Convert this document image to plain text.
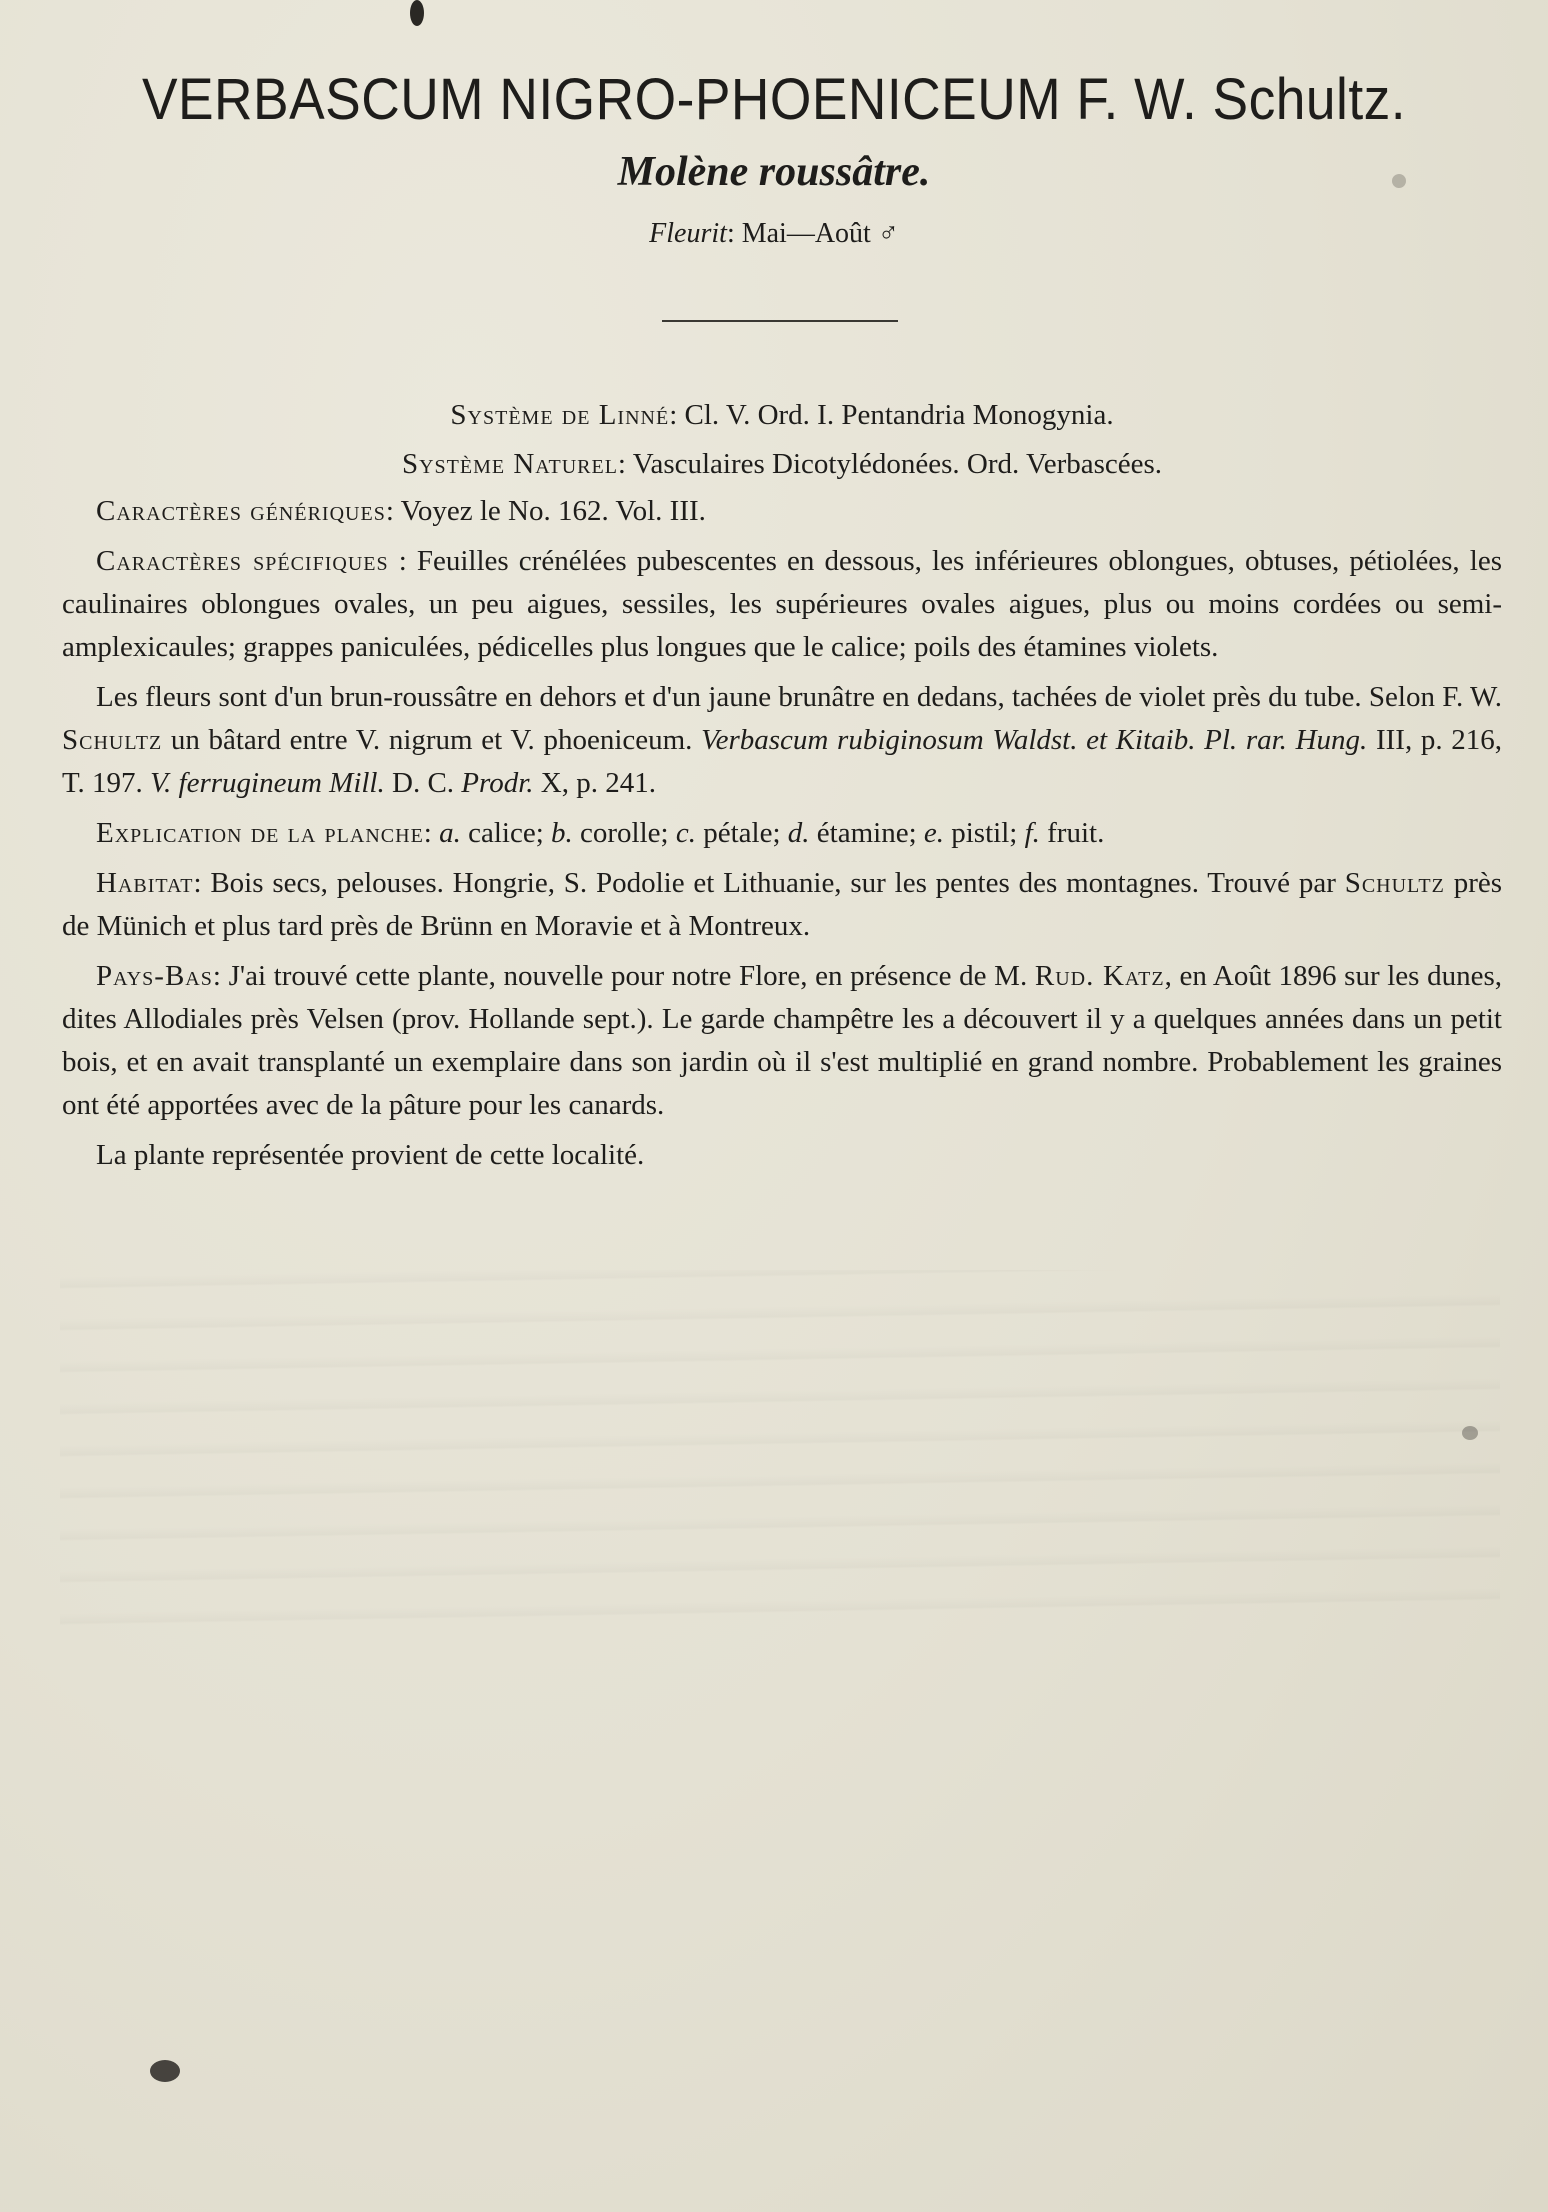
VERBASCUM NIGRO-PHOENICEUM F. W. Schultz.
Molène roussâtre.
Fleurit: Mai—Août ♂

Système de Linné: Cl. V. Ord. I. Pentandria Monogynia.

Système Naturel: Vasculaires Dicotylédonées. Ord. Verbascées.

Caractères génériques: Voyez le No. 162. Vol. III.

Caractères spécifiques : Feuilles crénélées pubescentes en dessous, les inférieures oblongues, obtuses, pétiolées, les caulinaires oblongues ovales, un peu aigues, sessiles, les supérieures ovales aigues, plus ou moins cordées ou semi-amplexicaules; grappes paniculées, pédicelles plus longues que le calice; poils des étamines violets.

Les fleurs sont d'un brun-roussâtre en dehors et d'un jaune brunâtre en dedans, tachées de violet près du tube. Selon F. W. Schultz un bâtard entre V. nigrum et V. phoeniceum. Verbascum rubiginosum Waldst. et Kitaib. Pl. rar. Hung. III, p. 216, T. 197. V. ferrugineum Mill. D. C. Prodr. X, p. 241.

Explication de la planche: a. calice; b. corolle; c. pétale; d. étamine; e. pistil; f. fruit.

Habitat: Bois secs, pelouses. Hongrie, S. Podolie et Lithuanie, sur les pentes des montagnes. Trouvé par Schultz près de Münich et plus tard près de Brünn en Moravie et à Montreux.

Pays-Bas: J'ai trouvé cette plante, nouvelle pour notre Flore, en présence de M. Rud. Katz, en Août 1896 sur les dunes, dites Allodiales près Velsen (prov. Hollande sept.). Le garde champêtre les a découvert il y a quelques années dans un petit bois, et en avait transplanté un exemplaire dans son jardin où il s'est multiplié en grand nombre. Probablement les graines ont été apportées avec de la pâture pour les canards.

La plante représentée provient de cette localité.
